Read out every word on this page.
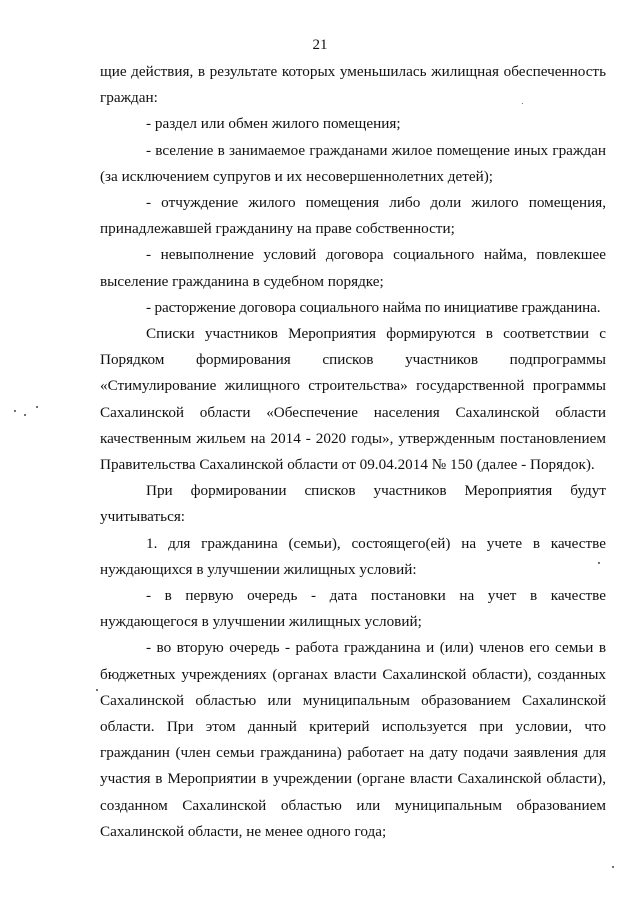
21

щие действия, в результате которых уменьшилась жилищная обеспеченность граждан:

- раздел или обмен жилого помещения;

- вселение в занимаемое гражданами жилое помещение иных граждан (за исключением супругов и их несовершеннолетних детей);

- отчуждение жилого помещения либо доли жилого помещения, принадлежавшей гражданину на праве собственности;

- невыполнение условий договора социального найма, повлекшее выселение гражданина в судебном порядке;

- расторжение договора социального найма по инициативе гражданина.

Списки участников Мероприятия формируются в соответствии с Порядком формирования списков участников подпрограммы «Стимулирование жилищного строительства» государственной программы Сахалинской области «Обеспечение населения Сахалинской области качественным жильем на 2014 - 2020 годы», утвержденным постановлением Правительства Сахалинской области от 09.04.2014 № 150 (далее - Порядок).

При формировании списков участников Мероприятия будут учитываться:

1. для гражданина (семьи), состоящего(ей) на учете в качестве нуждающихся в улучшении жилищных условий:

- в первую очередь - дата постановки на учет в качестве нуждающегося в улучшении жилищных условий;

- во вторую очередь - работа гражданина и (или) членов его семьи в бюджетных учреждениях (органах власти Сахалинской области), созданных Сахалинской областью или муниципальным образованием Сахалинской области. При этом данный критерий используется при условии, что гражданин (член семьи гражданина) работает на дату подачи заявления для участия в Мероприятии в учреждении (органе власти Сахалинской области), созданном Сахалинской областью или муниципальным образованием Сахалинской области, не менее одного года;
